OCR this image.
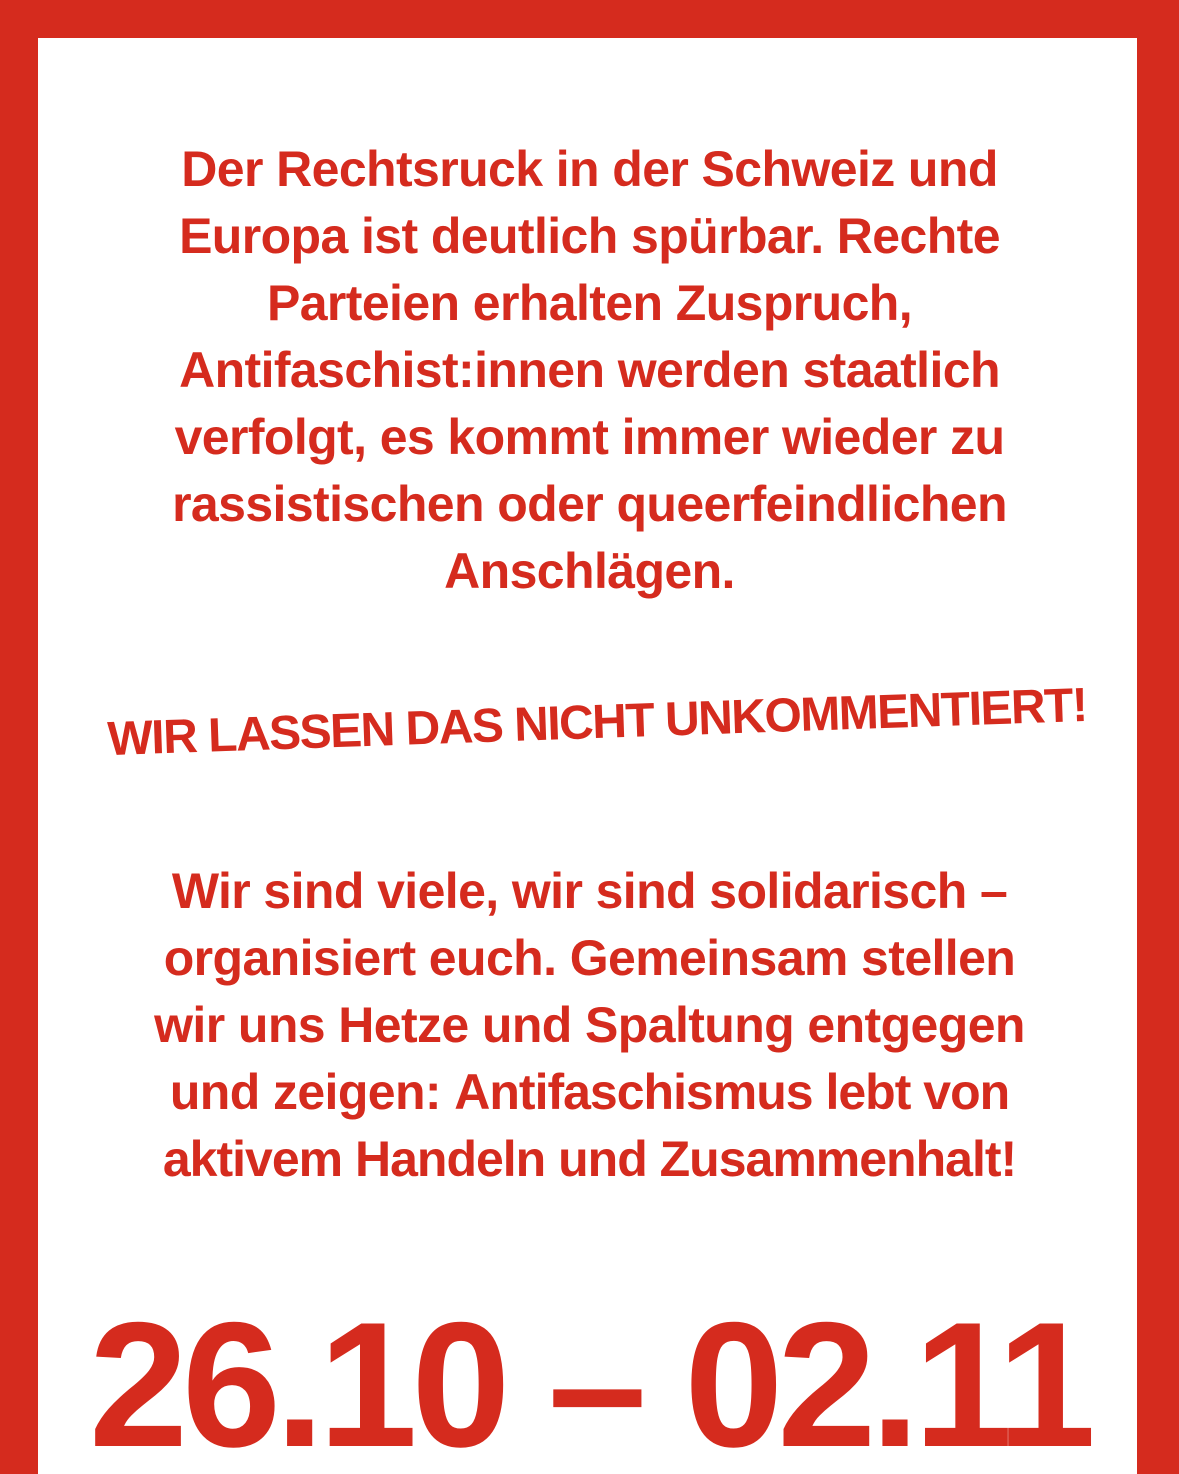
Der Rechtsruck in der Schweiz und
Europa ist deutlich spürbar. Rechte
Parteien erhalten Zuspruch,
Antifaschist:innen werden staatlich
verfolgt, es kommt immer wieder zu
rassistischen oder queerfeindlichen
Anschlägen.

WIR LASSEN DAS NICHT UNKOMMENTIERT!

Wir sind viele, wir sind solidarisch –
organisiert euch. Gemeinsam stellen
wir uns Hetze und Spaltung entgegen
und zeigen: Antifaschismus lebt von
aktivem Handeln und Zusammenhalt!

26.10 – 02.11
